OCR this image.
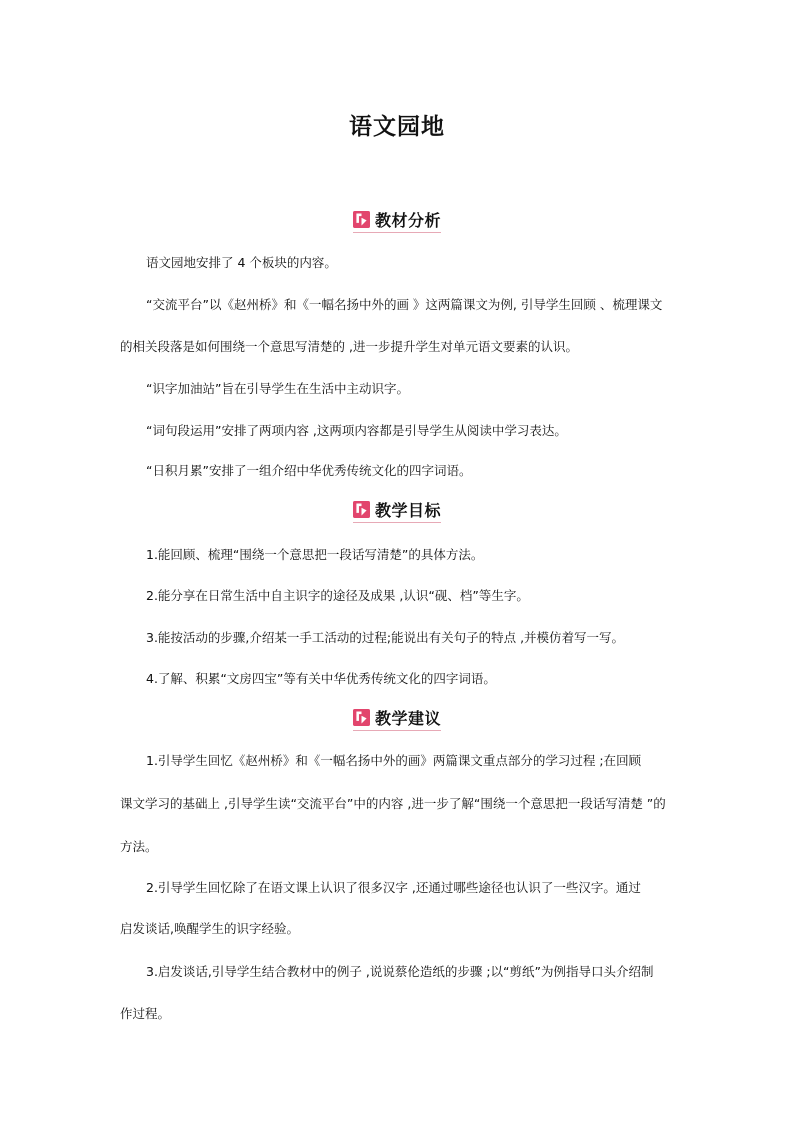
语文园地
教材分析
语文园地安排了 4 个板块的内容。
“交流平台”以《赵州桥》和《一幅名扬中外的画 》这两篇课文为例, 引导学生回顾 、梳理课文
的相关段落是如何围绕一个意思写清楚的 ,进一步提升学生对单元语文要素的认识。
“识字加油站”旨在引导学生在生活中主动识字。
“词句段运用”安排了两项内容 ,这两项内容都是引导学生从阅读中学习表达。
“日积月累”安排了一组介绍中华优秀传统文化的四字词语。
教学目标
1.能回顾、梳理“围绕一个意思把一段话写清楚”的具体方法。
2.能分享在日常生活中自主识字的途径及成果 ,认识“砚、档”等生字。
3.能按活动的步骤,介绍某一手工活动的过程;能说出有关句子的特点 ,并模仿着写一写。
4.了解、积累“文房四宝”等有关中华优秀传统文化的四字词语。
教学建议
1.引导学生回忆《赵州桥》和《一幅名扬中外的画》两篇课文重点部分的学习过程 ;在回顾
课文学习的基础上 ,引导学生读“交流平台”中的内容 ,进一步了解“围绕一个意思把一段话写清楚 ”的
方法。
2.引导学生回忆除了在语文课上认识了很多汉字 ,还通过哪些途径也认识了一些汉字。通过
启发谈话,唤醒学生的识字经验。
3.启发谈话,引导学生结合教材中的例子 ,说说蔡伦造纸的步骤 ;以“剪纸”为例指导口头介绍制
作过程。
